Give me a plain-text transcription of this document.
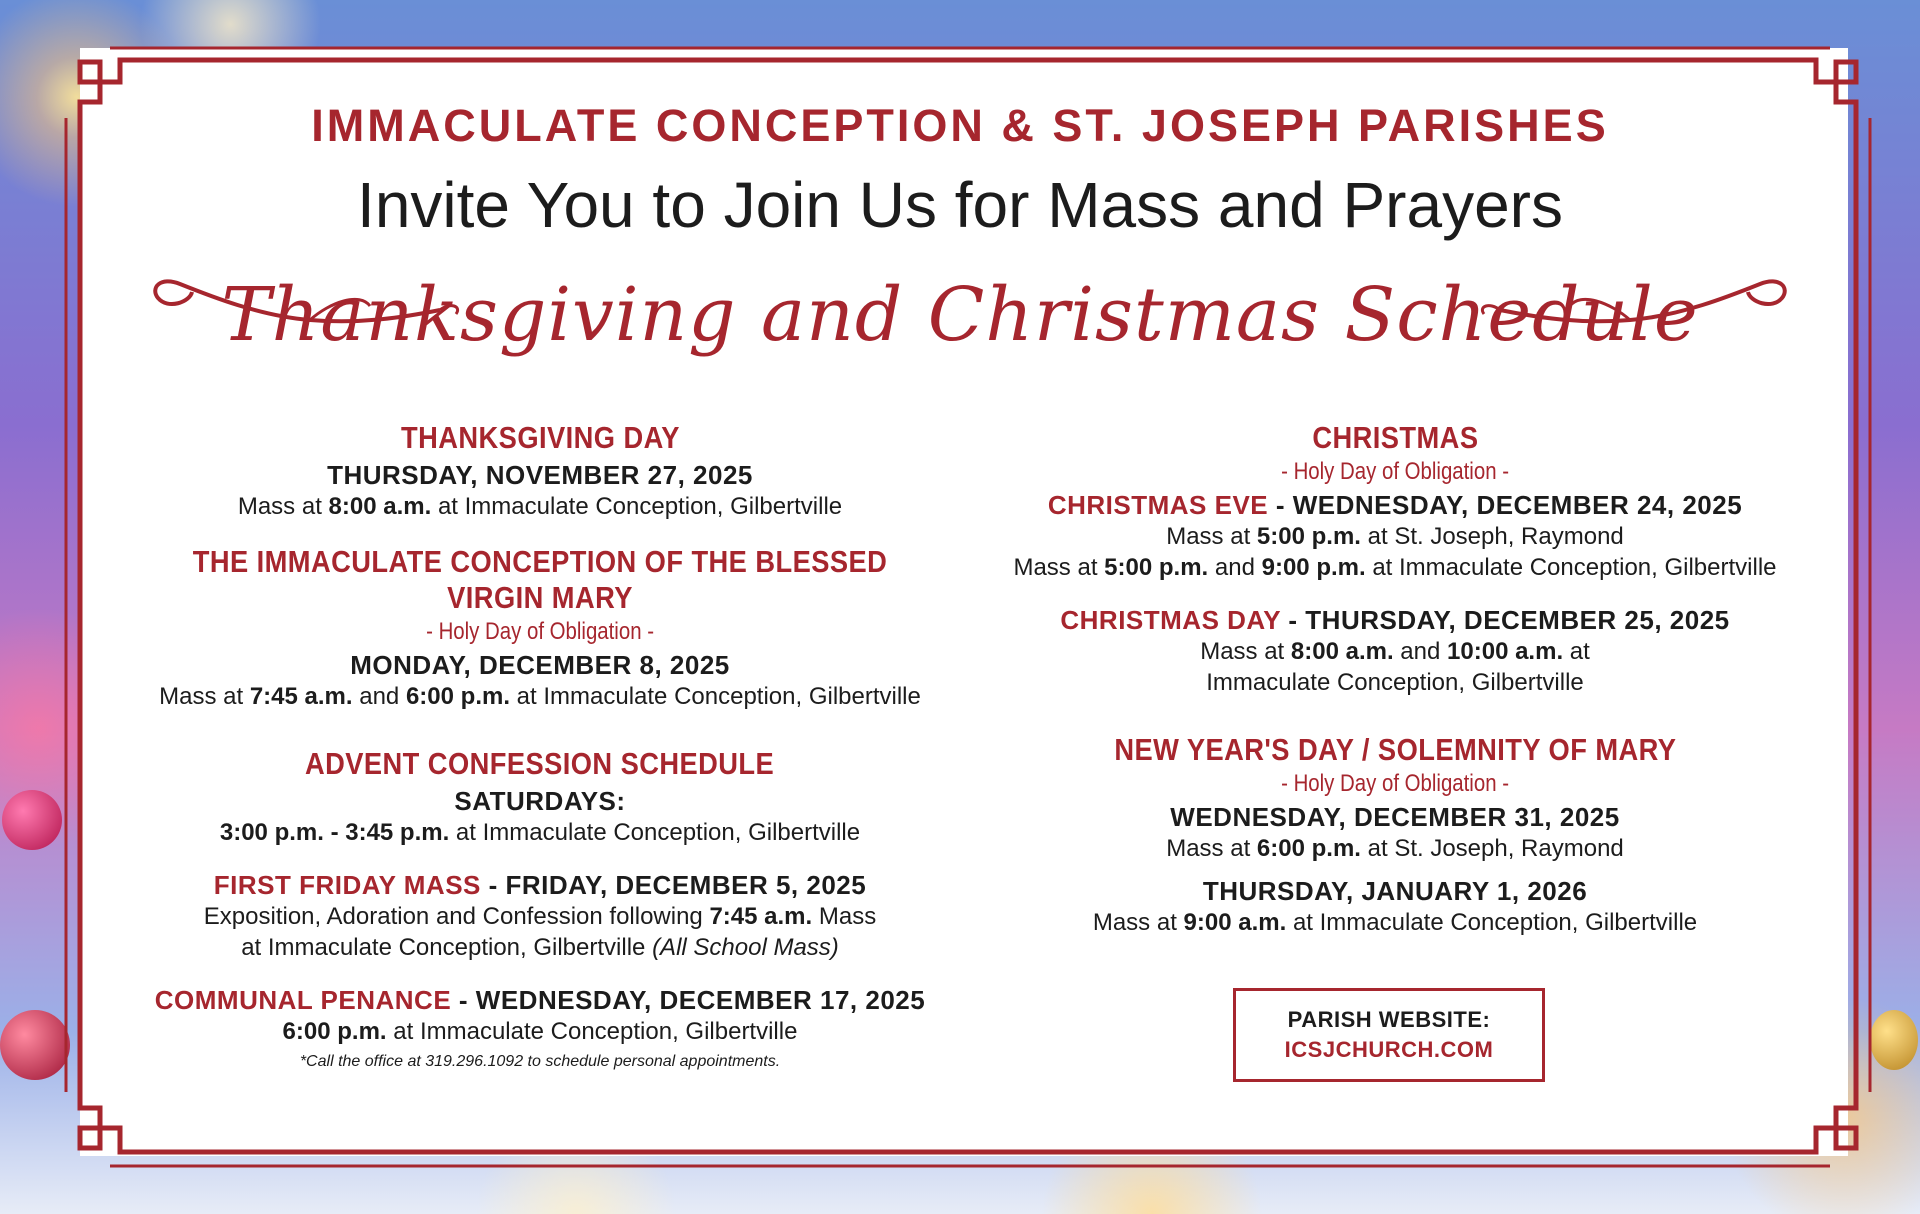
IMMACULATE CONCEPTION & ST. JOSEPH PARISHES
Invite You to Join Us for Mass and Prayers
Thanksgiving and Christmas Schedule
THANKSGIVING DAY
THURSDAY, NOVEMBER 27, 2025
Mass at 8:00 a.m. at Immaculate Conception, Gilbertville
THE IMMACULATE CONCEPTION OF THE BLESSED VIRGIN MARY
- Holy Day of Obligation -
MONDAY, DECEMBER 8, 2025
Mass at 7:45 a.m. and 6:00 p.m. at Immaculate Conception, Gilbertville
ADVENT CONFESSION SCHEDULE
SATURDAYS:
3:00 p.m. - 3:45 p.m. at Immaculate Conception, Gilbertville
FIRST FRIDAY MASS - FRIDAY, DECEMBER 5, 2025
Exposition, Adoration and Confession following 7:45 a.m. Mass
at Immaculate Conception, Gilbertville (All School Mass)
COMMUNAL PENANCE - WEDNESDAY, DECEMBER 17, 2025
6:00 p.m. at Immaculate Conception, Gilbertville
*Call the office at 319.296.1092 to schedule personal appointments.
CHRISTMAS
- Holy Day of Obligation -
CHRISTMAS EVE - WEDNESDAY, DECEMBER 24, 2025
Mass at 5:00 p.m. at St. Joseph, Raymond
Mass at 5:00 p.m. and 9:00 p.m. at Immaculate Conception, Gilbertville
CHRISTMAS DAY - THURSDAY, DECEMBER 25, 2025
Mass at 8:00 a.m. and 10:00 a.m. at
Immaculate Conception, Gilbertville
NEW YEAR'S DAY / SOLEMNITY OF MARY
- Holy Day of Obligation -
WEDNESDAY, DECEMBER 31, 2025
Mass at 6:00 p.m. at St. Joseph, Raymond
THURSDAY, JANUARY 1, 2026
Mass at 9:00 a.m. at Immaculate Conception, Gilbertville
PARISH WEBSITE:
ICSJCHURCH.COM
